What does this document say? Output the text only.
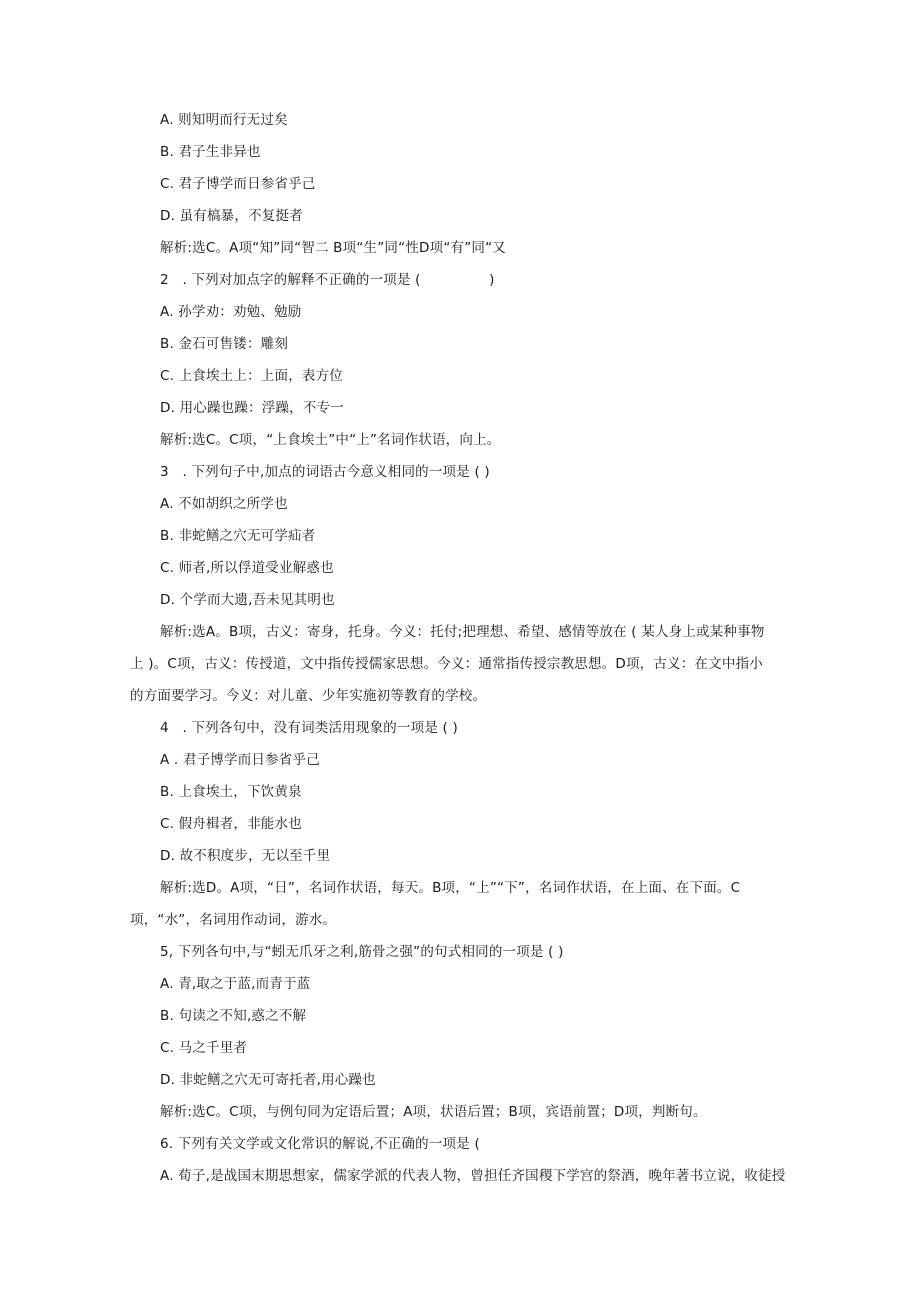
A. 则知明而行无过矣
B. 君子生非异也
C. 君子博学而日参省乎己
D. 虽有槁暴，不复挺者
解析:选C。A项“知”同“智二 B项“生”同“性D项“有”同“又
2　. 下列对加点字的解释不正确的一项是 (　　　　　)
A. 孙学劝：劝勉、勉励
B. 金石可售镂：雕刻
C. 上食埃土上：上面，表方位
D. 用心躁也躁：浮躁，不专一
解析:选C。C项，“上食埃土”中“上”名词作状语，向上。
3　. 下列句子中,加点的词语古今意义相同的一项是 ( )
A. 不如胡织之所学也
B. 非蛇鳝之穴无可学疝者
C. 师者,所以俘道受业解惑也
D. 个学而大遗,吾未见其明也
解析:选A。B项，古义：寄身，托身。今义：托付;把理想、希望、感情等放在 ( 某人身上或某种事物
上 )。C项，古义：传授道，文中指传授儒家思想。今义：通常指传授宗教思想。D项，古义：在文中指小
的方面要学习。今义：对儿童、少年实施初等教育的学校。
4　. 下列各句中，没有词类活用现象的一项是 ( )
A . 君子博学而日参省乎己
B. 上食埃土，下饮黄泉
C. 假舟楫者，非能水也
D. 故不积度步，无以至千里
解析:选D。A项，“日”，名词作状语，每天。B项，“上”“下”，名词作状语，在上面、在下面。C
项，“水”，名词用作动词，游水。
5, 下列各句中,与“蚓无爪牙之利,筋骨之强”的句式相同的一项是 ( )
A. 青,取之于蓝,而青于蓝
B. 句读之不知,惑之不解
C. 马之千里者
D. 非蛇鳝之穴无可寄托者,用心躁也
解析:选C。C项，与例句同为定语后置；A项，状语后置；B项，宾语前置；D项，判断句。
6. 下列有关文学或文化常识的解说,不正确的一项是 (
A. 荀子,是战国末期思想家，儒家学派的代表人物，曾担任齐国稷下学宫的祭酒，晚年著书立说，收徒授
